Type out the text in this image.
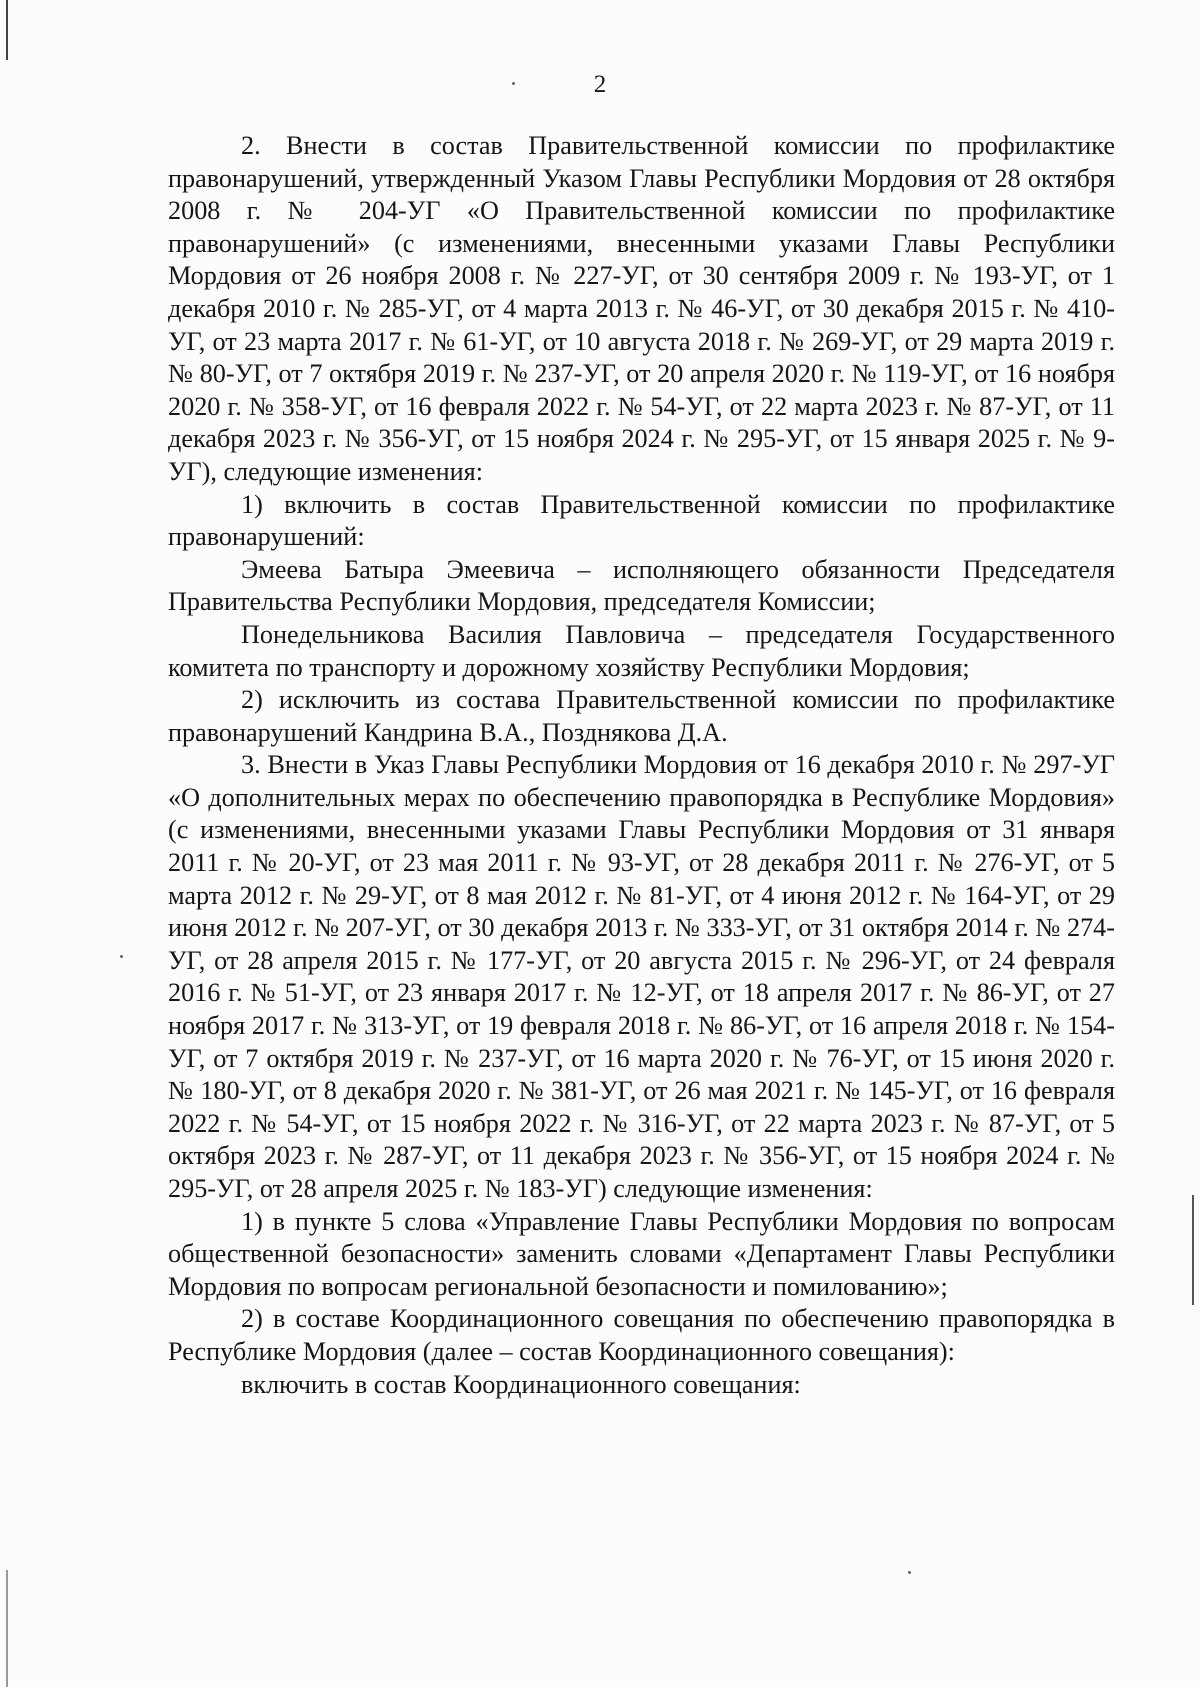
2

2. Внести в состав Правительственной комиссии по профилактике правонарушений, утвержденный Указом Главы Республики Мордовия от 28 октября 2008 г. № 204-УГ «О Правительственной комиссии по профилактике правонарушений» (с изменениями, внесенными указами Главы Республики Мордовия от 26 ноября 2008 г. № 227-УГ, от 30 сентября 2009 г. № 193-УГ, от 1 декабря 2010 г. № 285-УГ, от 4 марта 2013 г. № 46-УГ, от 30 декабря 2015 г. № 410-УГ, от 23 марта 2017 г. № 61-УГ, от 10 августа 2018 г. № 269-УГ, от 29 марта 2019 г. № 80-УГ, от 7 октября 2019 г. № 237-УГ, от 20 апреля 2020 г. № 119-УГ, от 16 ноября 2020 г. № 358-УГ, от 16 февраля 2022 г. № 54-УГ, от 22 марта 2023 г. № 87-УГ, от 11 декабря 2023 г. № 356-УГ, от 15 ноября 2024 г. № 295-УГ, от 15 января 2025 г. № 9-УГ), следующие изменения:

1) включить в состав Правительственной комиссии по профилактике правонарушений:

Эмеева Батыра Эмеевича – исполняющего обязанности Председателя Правительства Республики Мордовия, председателя Комиссии;

Понедельникова Василия Павловича – председателя Государственного комитета по транспорту и дорожному хозяйству Республики Мордовия;

2) исключить из состава Правительственной комиссии по профилактике правонарушений Кандрина В.А., Позднякова Д.А.

3. Внести в Указ Главы Республики Мордовия от 16 декабря 2010 г. № 297-УГ «О дополнительных мерах по обеспечению правопорядка в Республике Мордовия» (с изменениями, внесенными указами Главы Республики Мордовия от 31 января 2011 г. № 20-УГ, от 23 мая 2011 г. № 93-УГ, от 28 декабря 2011 г. № 276-УГ, от 5 марта 2012 г. № 29-УГ, от 8 мая 2012 г. № 81-УГ, от 4 июня 2012 г. № 164-УГ, от 29 июня 2012 г. № 207-УГ, от 30 декабря 2013 г. № 333-УГ, от 31 октября 2014 г. № 274-УГ, от 28 апреля 2015 г. № 177-УГ, от 20 августа 2015 г. № 296-УГ, от 24 февраля 2016 г. № 51-УГ, от 23 января 2017 г. № 12-УГ, от 18 апреля 2017 г. № 86-УГ, от 27 ноября 2017 г. № 313-УГ, от 19 февраля 2018 г. № 86-УГ, от 16 апреля 2018 г. № 154-УГ, от 7 октября 2019 г. № 237-УГ, от 16 марта 2020 г. № 76-УГ, от 15 июня 2020 г. № 180-УГ, от 8 декабря 2020 г. № 381-УГ, от 26 мая 2021 г. № 145-УГ, от 16 февраля 2022 г. № 54-УГ, от 15 ноября 2022 г. № 316-УГ, от 22 марта 2023 г. № 87-УГ, от 5 октября 2023 г. № 287-УГ, от 11 декабря 2023 г. № 356-УГ, от 15 ноября 2024 г. № 295-УГ, от 28 апреля 2025 г. № 183-УГ) следующие изменения:

1) в пункте 5 слова «Управление Главы Республики Мордовия по вопросам общественной безопасности» заменить словами «Департамент Главы Республики Мордовия по вопросам региональной безопасности и помилованию»;

2) в составе Координационного совещания по обеспечению правопорядка в Республике Мордовия (далее – состав Координационного совещания):

включить в состав Координационного совещания:
